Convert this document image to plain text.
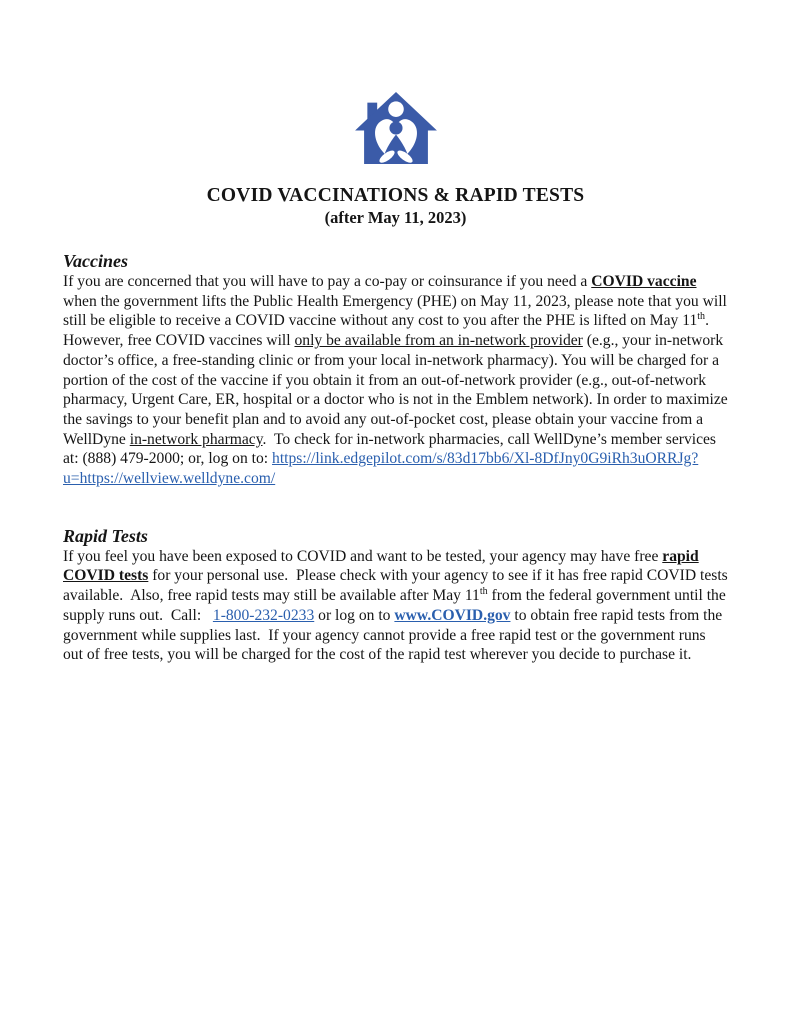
COVID VACCINATIONS & RAPID TESTS
(after May 11, 2023)
Vaccines

If you are concerned that you will have to pay a co-pay or coinsurance if you need a COVID vaccine when the government lifts the Public Health Emergency (PHE) on May 11, 2023, please note that you will still be eligible to receive a COVID vaccine without any cost to you after the PHE is lifted on May 11th.  However, free COVID vaccines will only be available from an in-network provider (e.g., your in-network doctor’s office, a free-standing clinic or from your local in-network pharmacy). You will be charged for a portion of the cost of the vaccine if you obtain it from an out-of-network provider (e.g., out-of-network pharmacy, Urgent Care, ER, hospital or a doctor who is not in the Emblem network). In order to maximize the savings to your benefit plan and to avoid any out-of-pocket cost, please obtain your vaccine from a WellDyne in-network pharmacy.  To check for in-network pharmacies, call WellDyne’s member services at: (888) 479-2000; or, log on to: https://link.edgepilot.com/s/83d17bb6/Xl-8DfJny0G9iRh3uORRJg?u=https://wellview.welldyne.com/

Rapid Tests

If you feel you have been exposed to COVID and want to be tested, your agency may have free rapid COVID tests for your personal use.  Please check with your agency to see if it has free rapid COVID tests available.  Also, free rapid tests may still be available after May 11th from the federal government until the supply runs out.  Call:   1-800-232-0233 or log on to www.COVID.gov to obtain free rapid tests from the government while supplies last.  If your agency cannot provide a free rapid test or the government runs out of free tests, you will be charged for the cost of the rapid test wherever you decide to purchase it.
